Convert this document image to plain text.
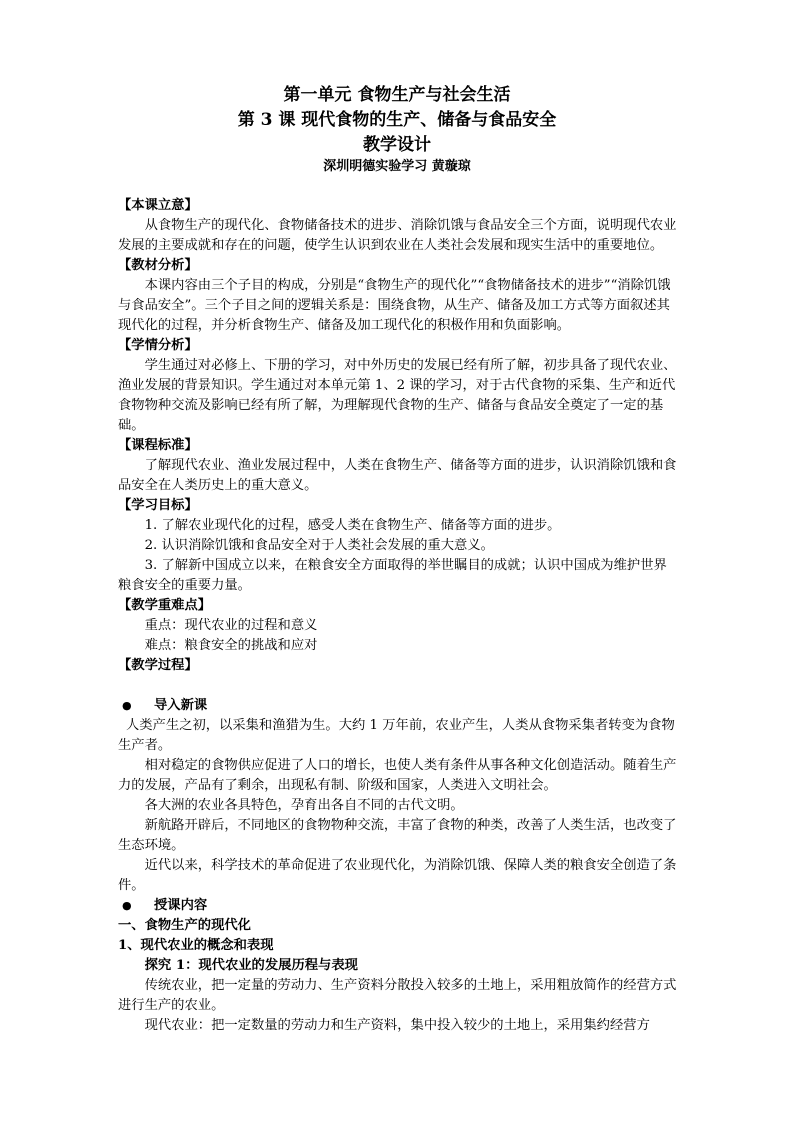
第一单元 食物生产与社会生活
第 3 课 现代食物的生产、储备与食品安全
教学设计
深圳明德实验学习 黄璇琼

【本课立意】

从食物生产的现代化、食物储备技术的进步、消除饥饿与食品安全三个方面，说明现代农业发展的主要成就和存在的问题，使学生认识到农业在人类社会发展和现实生活中的重要地位。

【教材分析】

本课内容由三个子目的构成，分别是“食物生产的现代化”“食物储备技术的进步”“消除饥饿与食品安全”。三个子目之间的逻辑关系是：围绕食物，从生产、储备及加工方式等方面叙述其现代化的过程，并分析食物生产、储备及加工现代化的积极作用和负面影响。

【学情分析】

学生通过对必修上、下册的学习，对中外历史的发展已经有所了解，初步具备了现代农业、渔业发展的背景知识。学生通过对本单元第 1、2 课的学习，对于古代食物的采集、生产和近代食物物种交流及影响已经有所了解，为理解现代食物的生产、储备与食品安全奠定了一定的基础。

【课程标准】

了解现代农业、渔业发展过程中，人类在食物生产、储备等方面的进步，认识消除饥饿和食品安全在人类历史上的重大意义。

【学习目标】

1. 了解农业现代化的过程，感受人类在食物生产、储备等方面的进步。

2. 认识消除饥饿和食品安全对于人类社会发展的重大意义。

3. 了解新中国成立以来，在粮食安全方面取得的举世瞩目的成就；认识中国成为维护世界粮食安全的重要力量。

【教学重难点】

重点：现代农业的过程和意义

难点：粮食安全的挑战和应对

【教学过程】

●	导入新课

人类产生之初，以采集和渔猎为生。大约 1 万年前，农业产生，人类从食物采集者转变为食物生产者。

相对稳定的食物供应促进了人口的增长，也使人类有条件从事各种文化创造活动。随着生产力的发展，产品有了剩余，出现私有制、阶级和国家，人类进入文明社会。

各大洲的农业各具特色，孕育出各自不同的古代文明。

新航路开辟后，不同地区的食物物种交流，丰富了食物的种类，改善了人类生活，也改变了生态环境。

近代以来，科学技术的革命促进了农业现代化，为消除饥饿、保障人类的粮食安全创造了条件。

●	授课内容

一、食物生产的现代化

1、现代农业的概念和表现

探究 1：现代农业的发展历程与表现

传统农业，把一定量的劳动力、生产资料分散投入较多的土地上，采用粗放简作的经营方式进行生产的农业。

现代农业：把一定数量的劳动力和生产资料，集中投入较少的土地上，采用集约经营方
